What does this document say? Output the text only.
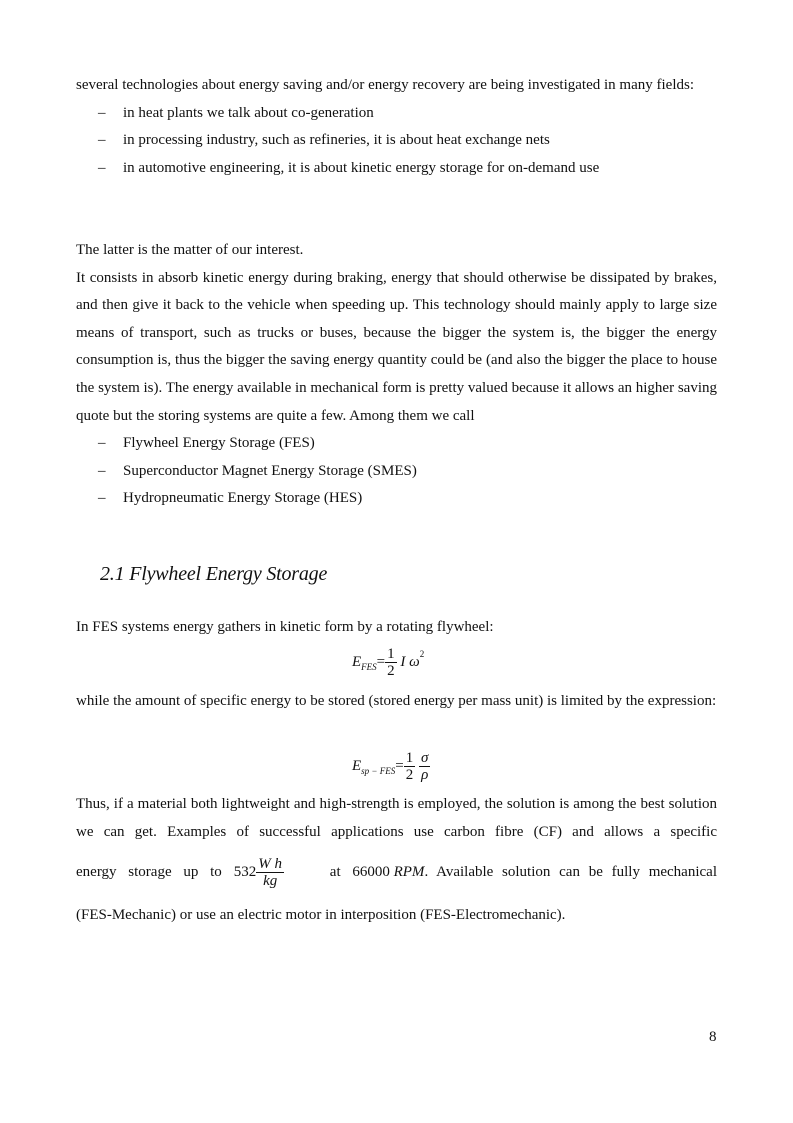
several technologies about energy saving and/or energy recovery are being investigated in many fields:

– in heat plants we talk about co-generation
– in processing industry, such as refineries, it is about heat exchange nets
– in automotive engineering, it is about kinetic energy storage for on-demand use

The latter is the matter of our interest.

It consists in absorb kinetic energy during braking, energy that should otherwise be dissipated by brakes, and then give it back to the vehicle when speeding up. This technology should mainly apply to large size means of transport, such as trucks or buses, because the bigger the system is, the bigger the energy consumption is, thus the bigger the saving energy quantity could be (and also the bigger the place to house the system is). The energy available in mechanical form is pretty valued because it allows an higher saving quote but the storing systems are quite a few. Among them we call

– Flywheel Energy Storage (FES)
– Superconductor Magnet Energy Storage (SMES)
– Hydropneumatic Energy Storage (HES)
2.1 Flywheel Energy Storage
In FES systems energy gathers in kinetic form by a rotating flywheel:
$E_{FES}= \frac{1}{2}$ I $\omega^2$
while the amount of specific energy to be stored (stored energy per mass unit) is limited by the expression:
$E_{sp - FES}= \frac{1}{2}$
$\frac{\sigma}{\rho}$
Thus, if a material both lightweight and high-strength is employed, the solution is among the best solution we can get. Examples of successful applications use carbon fibre (CF) and allows a specific
energy storage up to $532 \frac{\text{W h}}{kg}$	at 66000
RPM . Available solution can be fully mechanical
(FES-Mechanic) or use an electric motor in interposition (FES-Electromechanic).
8
